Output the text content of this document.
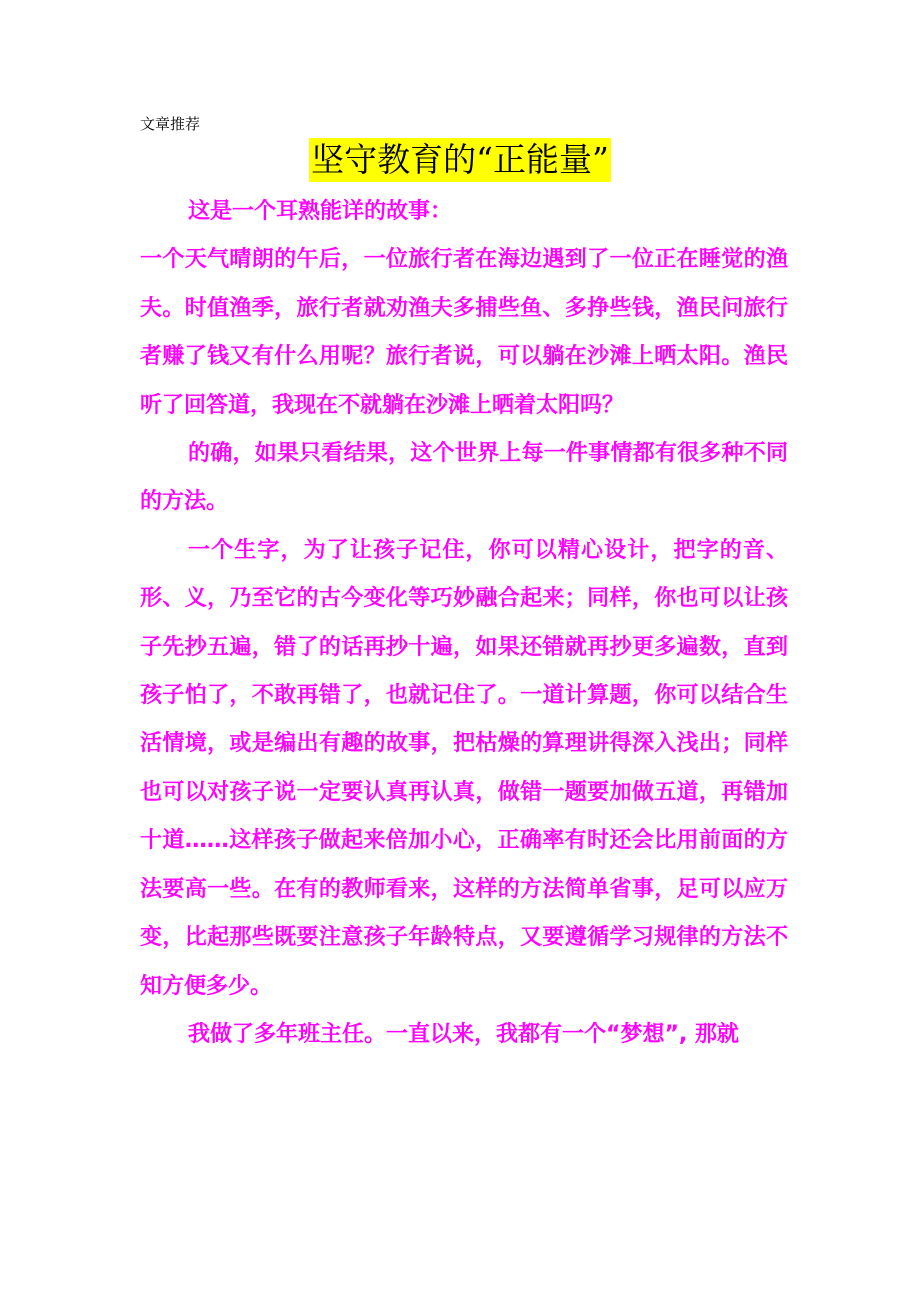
文章推荐
坚守教育的“正能量”

这是一个耳熟能详的故事：

一个天气晴朗的午后，一位旅行者在海边遇到了一位正在睡觉的渔夫。时值渔季，旅行者就劝渔夫多捕些鱼、多挣些钱，渔民问旅行者赚了钱又有什么用呢？旅行者说，可以躺在沙滩上晒太阳。渔民听了回答道，我现在不就躺在沙滩上晒着太阳吗？

的确，如果只看结果，这个世界上每一件事情都有很多种不同的方法。

一个生字，为了让孩子记住，你可以精心设计，把字的音、形、义，乃至它的古今变化等巧妙融合起来；同样，你也可以让孩子先抄五遍，错了的话再抄十遍，如果还错就再抄更多遍数，直到孩子怕了，不敢再错了，也就记住了。一道计算题，你可以结合生活情境，或是编出有趣的故事，把枯燥的算理讲得深入浅出；同样也可以对孩子说一定要认真再认真，做错一题要加做五道，再错加十道……这样孩子做起来倍加小心，正确率有时还会比用前面的方法要高一些。在有的教师看来，这样的方法简单省事，足可以应万变，比起那些既要注意孩子年龄特点，又要遵循学习规律的方法不知方便多少。

我做了多年班主任。一直以来，我都有一个“梦想”, 那就
